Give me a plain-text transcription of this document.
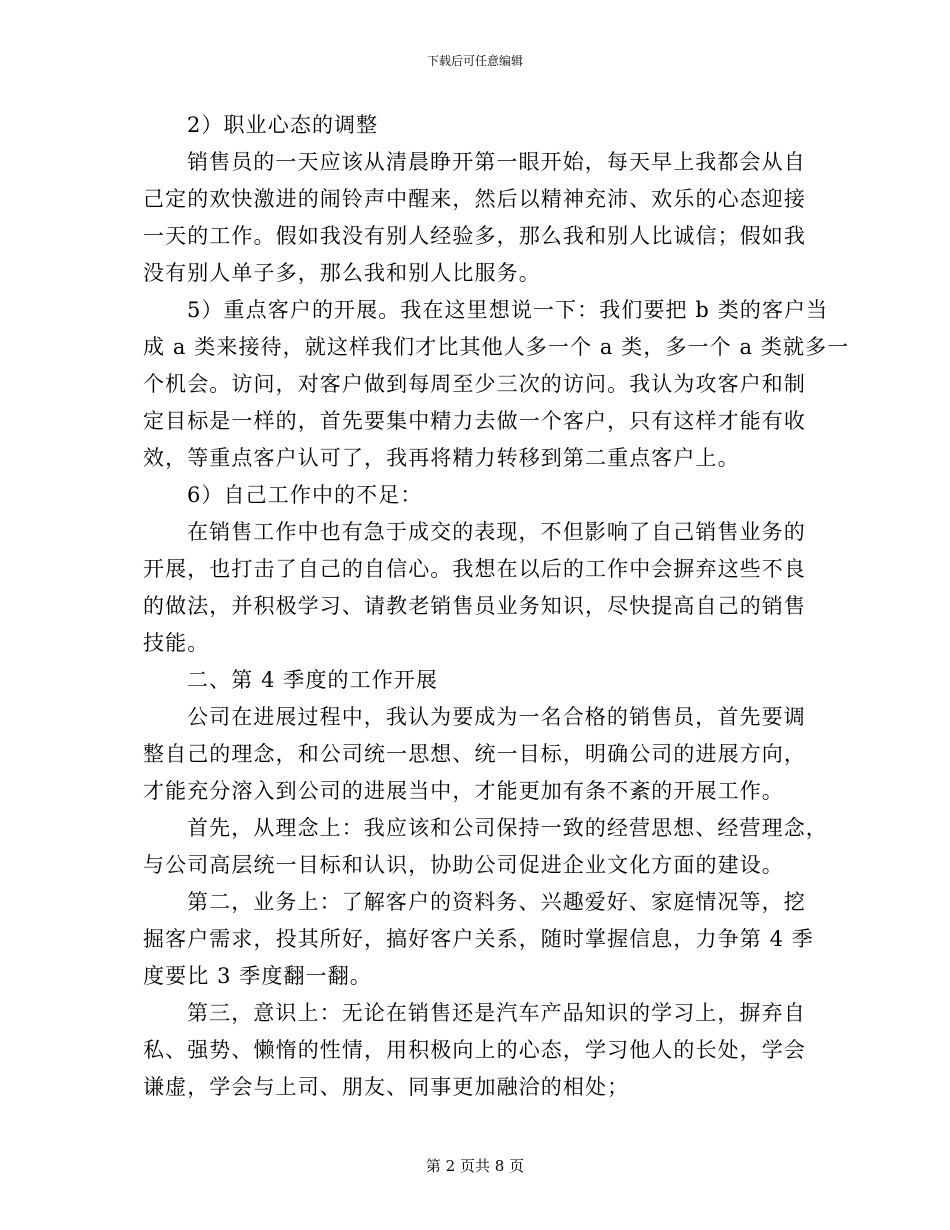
下载后可任意编辑
2）职业心态的调整
销售员的一天应该从清晨睁开第一眼开始，每天早上我都会从自
己定的欢快激进的闹铃声中醒来，然后以精神充沛、欢乐的心态迎接
一天的工作。假如我没有别人经验多，那么我和别人比诚信；假如我
没有别人单子多，那么我和别人比服务。
5）重点客户的开展。我在这里想说一下：我们要把 b 类的客户当
成 a 类来接待，就这样我们才比其他人多一个 a 类，多一个 a 类就多一
个机会。访问，对客户做到每周至少三次的访问。我认为攻客户和制
定目标是一样的，首先要集中精力去做一个客户，只有这样才能有收
效，等重点客户认可了，我再将精力转移到第二重点客户上。
6）自己工作中的不足：
在销售工作中也有急于成交的表现，不但影响了自己销售业务的
开展，也打击了自己的自信心。我想在以后的工作中会摒弃这些不良
的做法，并积极学习、请教老销售员业务知识，尽快提高自己的销售
技能。
二、第 4 季度的工作开展
公司在进展过程中，我认为要成为一名合格的销售员，首先要调
整自己的理念，和公司统一思想、统一目标，明确公司的进展方向，
才能充分溶入到公司的进展当中，才能更加有条不紊的开展工作。
首先，从理念上：我应该和公司保持一致的经营思想、经营理念，
与公司高层统一目标和认识，协助公司促进企业文化方面的建设。
第二，业务上：了解客户的资料务、兴趣爱好、家庭情况等，挖
掘客户需求，投其所好，搞好客户关系，随时掌握信息，力争第 4 季
度要比 3 季度翻一翻。
第三，意识上：无论在销售还是汽车产品知识的学习上，摒弃自
私、强势、懒惰的性情，用积极向上的心态，学习他人的长处，学会
谦虚，学会与上司、朋友、同事更加融洽的相处；
第 2 页共 8 页
